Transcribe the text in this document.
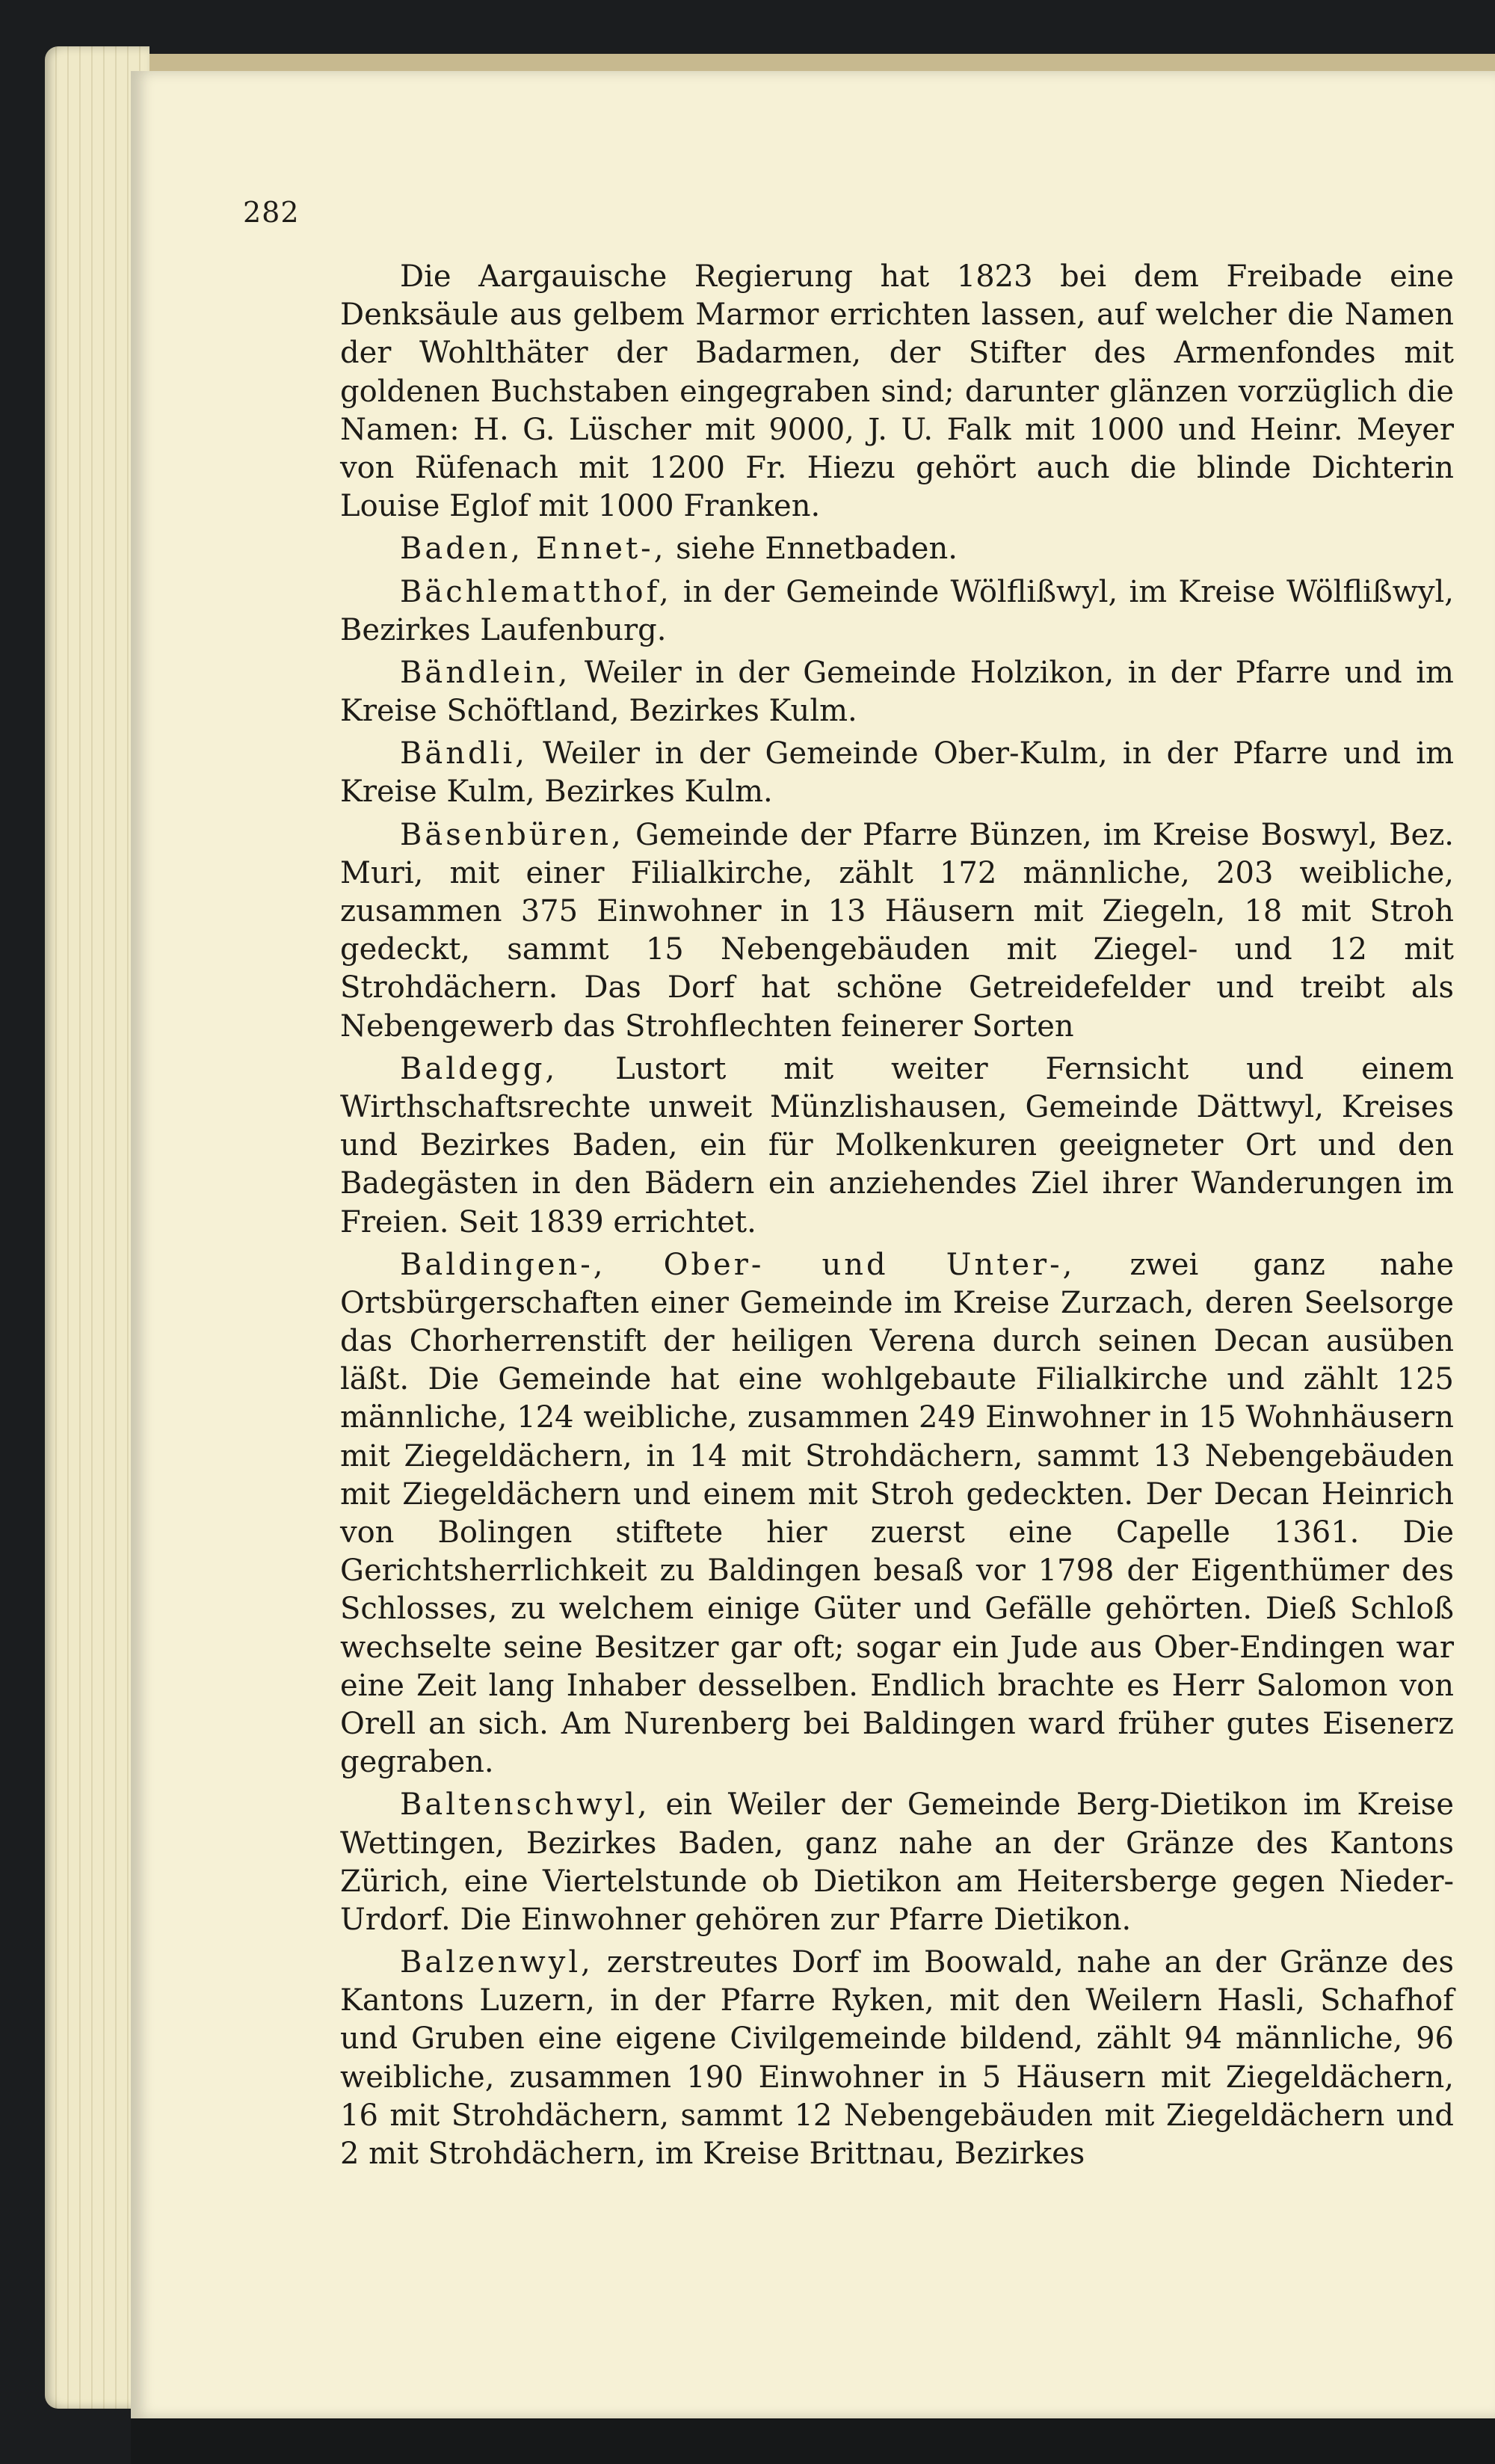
282

Die Aargauische Regierung hat 1823 bei dem Freibade eine Denksäule aus gelbem Marmor errichten lassen, auf welcher die Namen der Wohlthäter der Badarmen, der Stifter des Armenfondes mit goldenen Buchstaben eingegraben sind; darunter glänzen vorzüglich die Namen: H. G. Lüscher mit 9000, J. U. Falk mit 1000 und Heinr. Meyer von Rüfenach mit 1200 Fr. Hiezu gehört auch die blinde Dichterin Louise Eglof mit 1000 Franken.

Baden, Ennet-, siehe Ennetbaden.

Bächlematthof, in der Gemeinde Wölflißwyl, im Kreise Wölflißwyl, Bezirkes Laufenburg.

Bändlein, Weiler in der Gemeinde Holzikon, in der Pfarre und im Kreise Schöftland, Bezirkes Kulm.

Bändli, Weiler in der Gemeinde Ober-Kulm, in der Pfarre und im Kreise Kulm, Bezirkes Kulm.

Bäsenbüren, Gemeinde der Pfarre Bünzen, im Kreise Boswyl, Bez. Muri, mit einer Filialkirche, zählt 172 männliche, 203 weibliche, zusammen 375 Einwohner in 13 Häusern mit Ziegeln, 18 mit Stroh gedeckt, sammt 15 Nebengebäuden mit Ziegel- und 12 mit Strohdächern. Das Dorf hat schöne Getreidefelder und treibt als Nebengewerb das Strohflechten feinerer Sorten

Baldegg, Lustort mit weiter Fernsicht und einem Wirthschaftsrechte unweit Münzlishausen, Gemeinde Dättwyl, Kreises und Bezirkes Baden, ein für Molkenkuren geeigneter Ort und den Badegästen in den Bädern ein anziehendes Ziel ihrer Wanderungen im Freien. Seit 1839 errichtet.

Baldingen-, Ober- und Unter-, zwei ganz nahe Ortsbürgerschaften einer Gemeinde im Kreise Zurzach, deren Seelsorge das Chorherrenstift der heiligen Verena durch seinen Decan ausüben läßt. Die Gemeinde hat eine wohlgebaute Filialkirche und zählt 125 männliche, 124 weibliche, zusammen 249 Einwohner in 15 Wohnhäusern mit Ziegeldächern, in 14 mit Strohdächern, sammt 13 Nebengebäuden mit Ziegeldächern und einem mit Stroh gedeckten. Der Decan Heinrich von Bolingen stiftete hier zuerst eine Capelle 1361. Die Gerichtsherrlichkeit zu Baldingen besaß vor 1798 der Eigenthümer des Schlosses, zu welchem einige Güter und Gefälle gehörten. Dieß Schloß wechselte seine Besitzer gar oft; sogar ein Jude aus Ober-Endingen war eine Zeit lang Inhaber desselben. Endlich brachte es Herr Salomon von Orell an sich. Am Nurenberg bei Baldingen ward früher gutes Eisenerz gegraben.

Baltenschwyl, ein Weiler der Gemeinde Berg-Dietikon im Kreise Wettingen, Bezirkes Baden, ganz nahe an der Gränze des Kantons Zürich, eine Viertelstunde ob Dietikon am Heitersberge gegen Nieder-Urdorf. Die Einwohner gehören zur Pfarre Dietikon.

Balzenwyl, zerstreutes Dorf im Boowald, nahe an der Gränze des Kantons Luzern, in der Pfarre Ryken, mit den Weilern Hasli, Schafhof und Gruben eine eigene Civilgemeinde bildend, zählt 94 männliche, 96 weibliche, zusammen 190 Einwohner in 5 Häusern mit Ziegeldächern, 16 mit Strohdächern, sammt 12 Nebengebäuden mit Ziegeldächern und 2 mit Strohdächern, im Kreise Brittnau, Bezirkes
